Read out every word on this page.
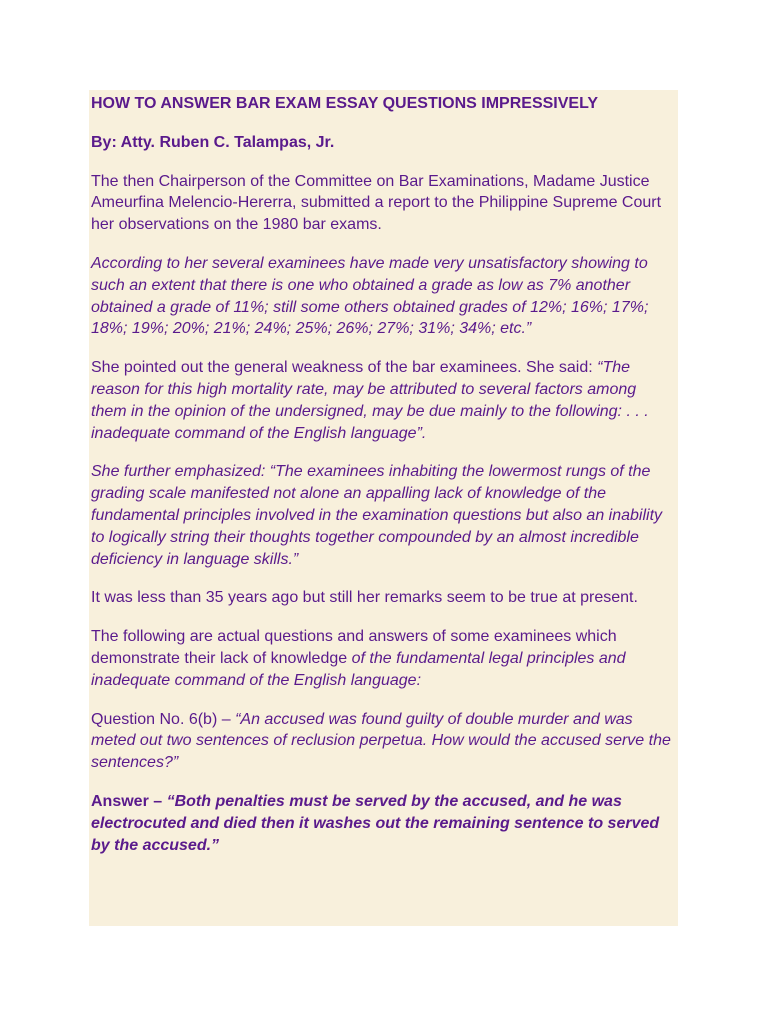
HOW TO ANSWER BAR EXAM ESSAY QUESTIONS IMPRESSIVELY

By: Atty. Ruben C. Talampas, Jr.

The then Chairperson of the Committee on Bar Examinations, Madame Justice Ameurfina Melencio-Hererra, submitted a report to the Philippine Supreme Court her observations on the 1980 bar exams.

According to her several examinees have made very unsatisfactory showing to such an extent that there is one who obtained a grade as low as 7% another obtained a grade of 11%; still some others obtained grades of 12%; 16%; 17%; 18%; 19%; 20%; 21%; 24%; 25%; 26%; 27%; 31%; 34%; etc.”

She pointed out the general weakness of the bar examinees. She said: “The reason for this high mortality rate, may be attributed to several factors among them in the opinion of the undersigned, may be due mainly to the following: . . . inadequate command of the English language”.

She further emphasized: “The examinees inhabiting the lowermost rungs of the grading scale manifested not alone an appalling lack of knowledge of the fundamental principles involved in the examination questions but also an inability to logically string their thoughts together compounded by an almost incredible deficiency in language skills.”

It was less than 35 years ago but still her remarks seem to be true at present.

The following are actual questions and answers of some examinees which demonstrate their lack of knowledge of the fundamental legal principles and inadequate command of the English language:

Question No. 6(b) – “An accused was found guilty of double murder and was meted out two sentences of reclusion perpetua. How would the accused serve the sentences?”

Answer – “Both penalties must be served by the accused, and he was electrocuted and died then it washes out the remaining sentence to served by the accused.”
